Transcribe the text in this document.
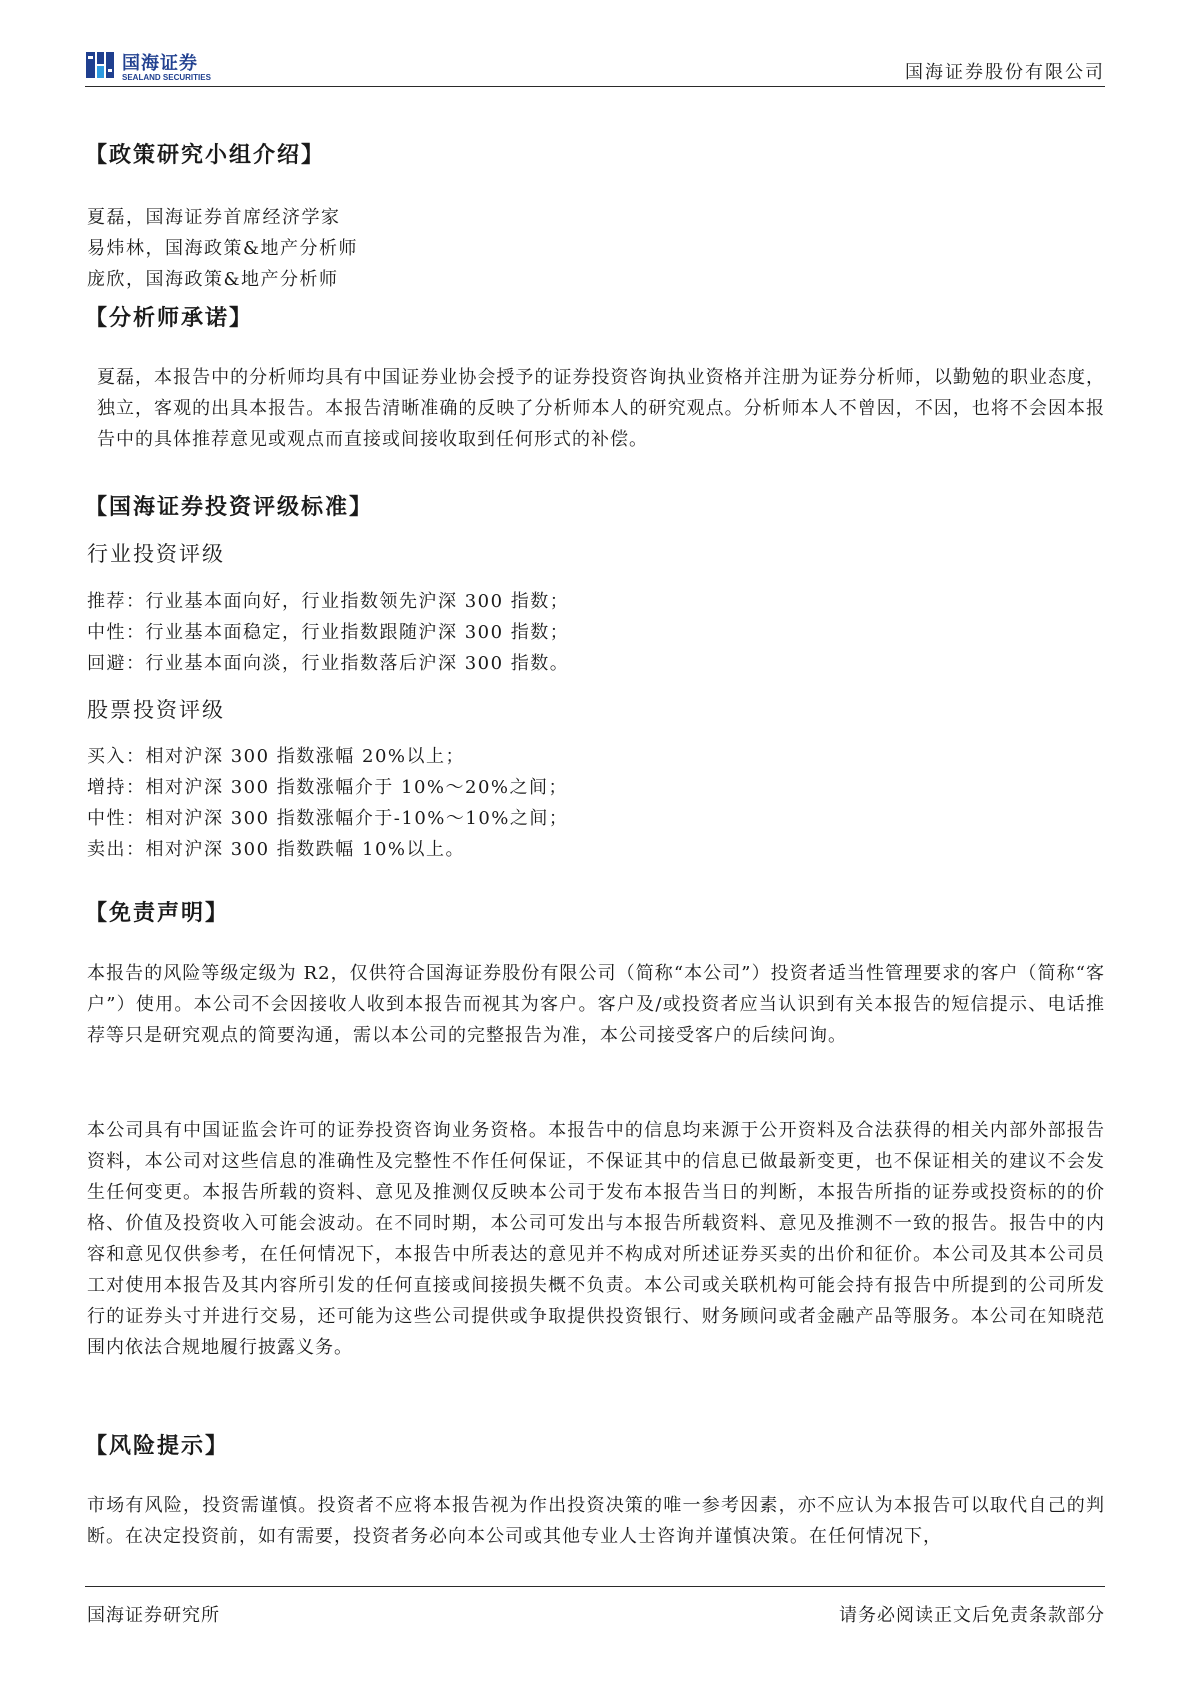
国海证券
SEALAND SECURITIES	国海证券股份有限公司
【政策研究小组介绍】
夏磊，国海证券首席经济学家
易炜林，国海政策&地产分析师
庞欣，国海政策&地产分析师
【分析师承诺】

夏磊，本报告中的分析师均具有中国证券业协会授予的证券投资咨询执业资格并注册为证券分析师，以勤勉的职业态度，独立，客观的出具本报告。本报告清晰准确的反映了分析师本人的研究观点。分析师本人不曾因，不因，也将不会因本报告中的具体推荐意见或观点而直接或间接收取到任何形式的补偿。

【国海证券投资评级标准】
行业投资评级
推荐：行业基本面向好，行业指数领先沪深 300 指数；
中性：行业基本面稳定，行业指数跟随沪深 300 指数；
回避：行业基本面向淡，行业指数落后沪深 300 指数。
股票投资评级
买入：相对沪深 300 指数涨幅 20%以上；
增持：相对沪深 300 指数涨幅介于 10%～20%之间；
中性：相对沪深 300 指数涨幅介于-10%～10%之间；
卖出：相对沪深 300 指数跌幅 10%以上。
【免责声明】

本报告的风险等级定级为 R2，仅供符合国海证券股份有限公司（简称“本公司”）投资者适当性管理要求的客户（简称“客户”）使用。本公司不会因接收人收到本报告而视其为客户。客户及/或投资者应当认识到有关本报告的短信提示、电话推荐等只是研究观点的简要沟通，需以本公司的完整报告为准，本公司接受客户的后续问询。

本公司具有中国证监会许可的证券投资咨询业务资格。本报告中的信息均来源于公开资料及合法获得的相关内部外部报告资料，本公司对这些信息的准确性及完整性不作任何保证，不保证其中的信息已做最新变更，也不保证相关的建议不会发生任何变更。本报告所载的资料、意见及推测仅反映本公司于发布本报告当日的判断，本报告所指的证券或投资标的的价格、价值及投资收入可能会波动。在不同时期，本公司可发出与本报告所载资料、意见及推测不一致的报告。报告中的内容和意见仅供参考，在任何情况下，本报告中所表达的意见并不构成对所述证券买卖的出价和征价。本公司及其本公司员工对使用本报告及其内容所引发的任何直接或间接损失概不负责。本公司或关联机构可能会持有报告中所提到的公司所发行的证券头寸并进行交易，还可能为这些公司提供或争取提供投资银行、财务顾问或者金融产品等服务。本公司在知晓范围内依法合规地履行披露义务。

【风险提示】

市场有风险，投资需谨慎。投资者不应将本报告视为作出投资决策的唯一参考因素，亦不应认为本报告可以取代自己的判断。在决定投资前，如有需要，投资者务必向本公司或其他专业人士咨询并谨慎决策。在任何情况下，

国海证券研究所	请务必阅读正文后免责条款部分
